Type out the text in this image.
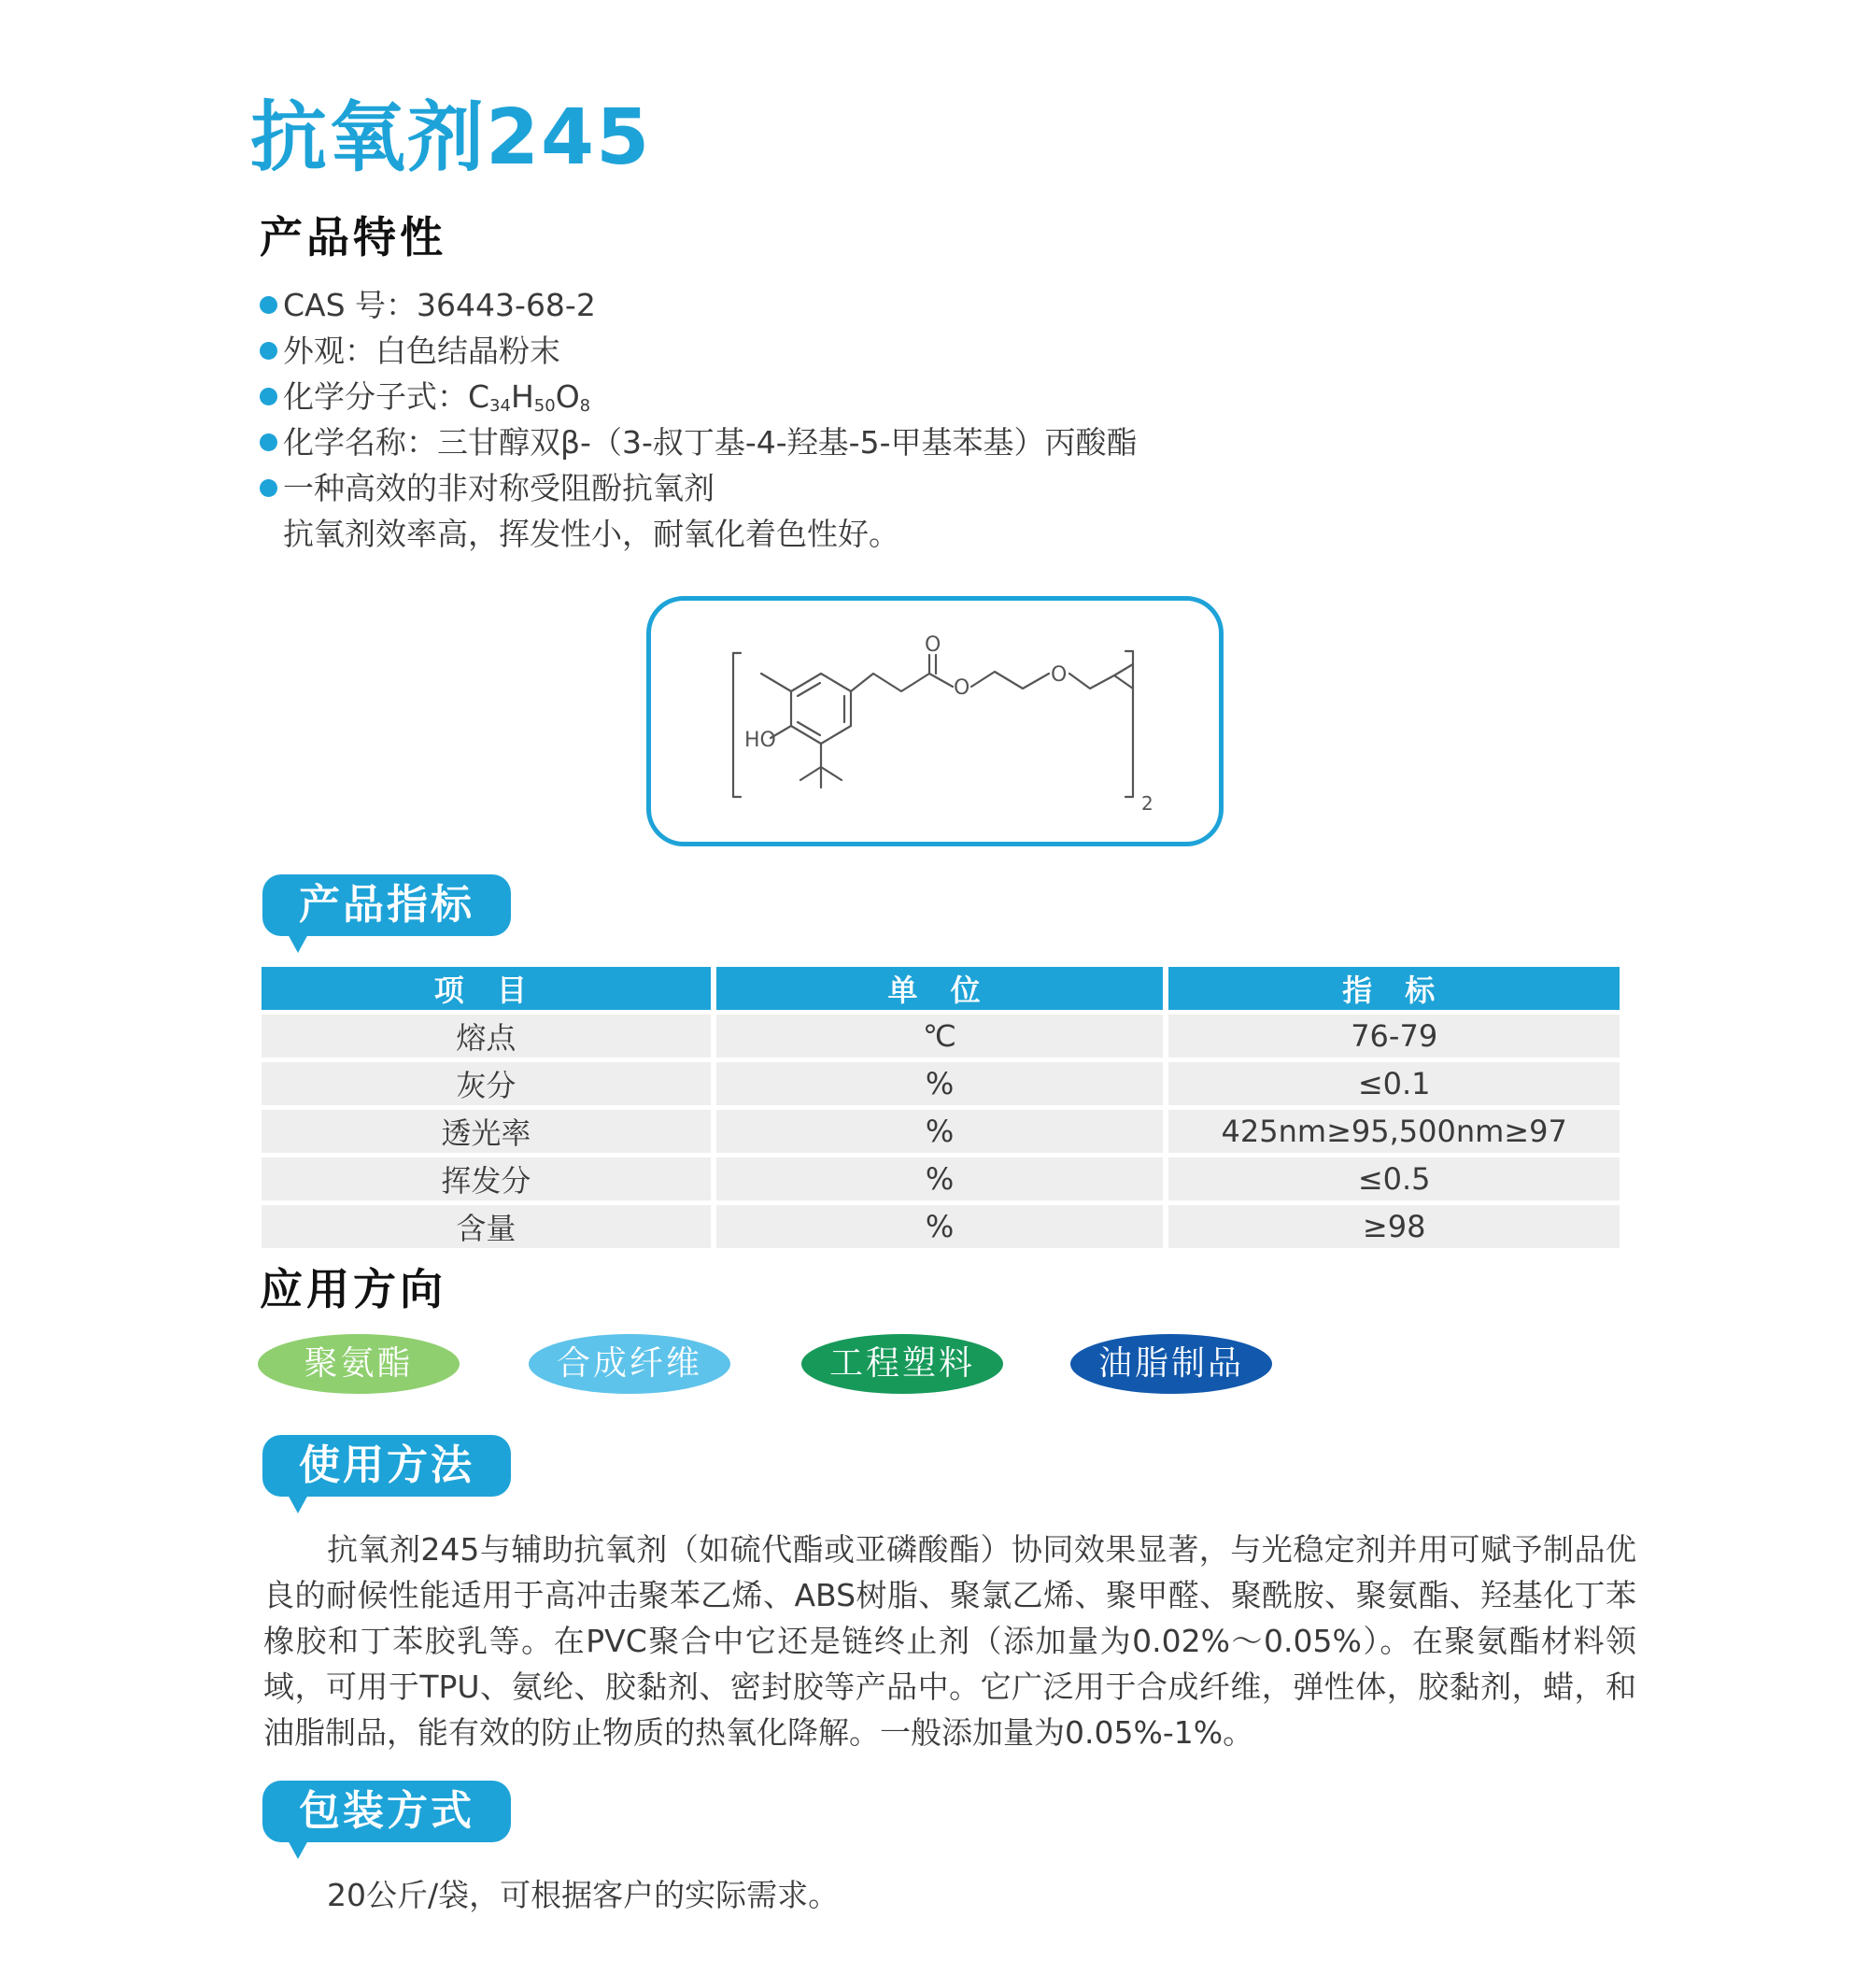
抗氧剂245
产品特性
CAS 号：36443-68-2
外观：白色结晶粉末
化学分子式：$C_{34}H_{50}O_8$
化学名称：三甘醇双β-（3-叔丁基-4-羟基-5-甲基苯基）丙酸酯
一种高效的非对称受阻酚抗氧剂
抗氧剂效率高，挥发性小，耐氧化着色性好。
HO
O
O
O
2
产品指标
项 目	单 位	指 标
熔点	℃	76-79
灰分	%	≤0.1
透光率	%	425nm≥95,500nm≥97
挥发分	%	≤0.5
含量	%	≥98
应用方向
聚氨酯	合成纤维	工程塑料	油脂制品
使用方法

抗氧剂245与辅助抗氧剂（如硫代酯或亚磷酸酯）协同效果显著，与光稳定剂并用可赋予制品优良的耐候性能适用于高冲击聚苯乙烯、ABS树脂、聚氯乙烯、聚甲醛、聚酰胺、聚氨酯、羟基化丁苯橡胶和丁苯胶乳等。在PVC聚合中它还是链终止剂（添加量为0.02%～0.05%）。在聚氨酯材料领域，可用于TPU、氨纶、胶黏剂、密封胶等产品中。它广泛用于合成纤维，弹性体，胶黏剂，蜡，和油脂制品，能有效的防止物质的热氧化降解。一般添加量为0.05%-1%。

包装方式

20公斤/袋，可根据客户的实际需求。
